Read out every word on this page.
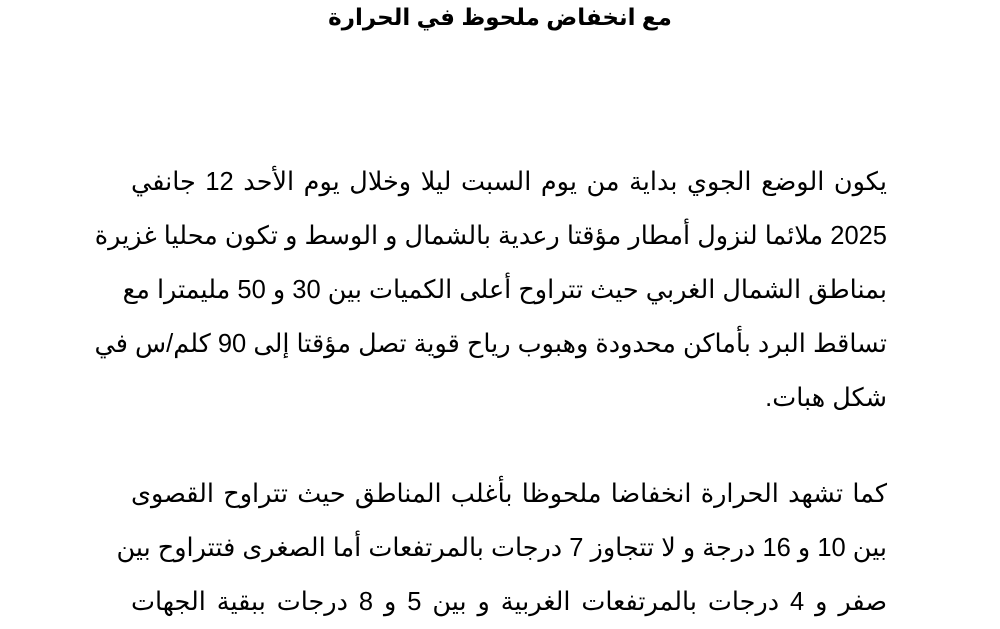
مع انخفاض ملحوظ في الحرارة

يكون الوضع الجوي بداية من يوم السبت ليلا وخلال يوم الأحد 12 جانفي
2025 ملائما لنزول أمطار مؤقتا رعدية بالشمال و الوسط و تكون محليا غزيرة
بمناطق الشمال الغربي حيث تتراوح أعلى الكميات بين 30 و 50 مليمترا مع
تساقط البرد بأماكن محدودة وهبوب رياح قوية تصل مؤقتا إلى 90 كلم/س في
شكل هبات.

كما تشهد الحرارة انخفاضا ملحوظا بأغلب المناطق حيث تتراوح القصوى
بين 10 و 16 درجة و لا تتجاوز 7 درجات بالمرتفعات أما الصغرى فتتراوح بين
صفر و 4 درجات بالمرتفعات الغربية و بين 5 و 8 درجات ببقية الجهات
